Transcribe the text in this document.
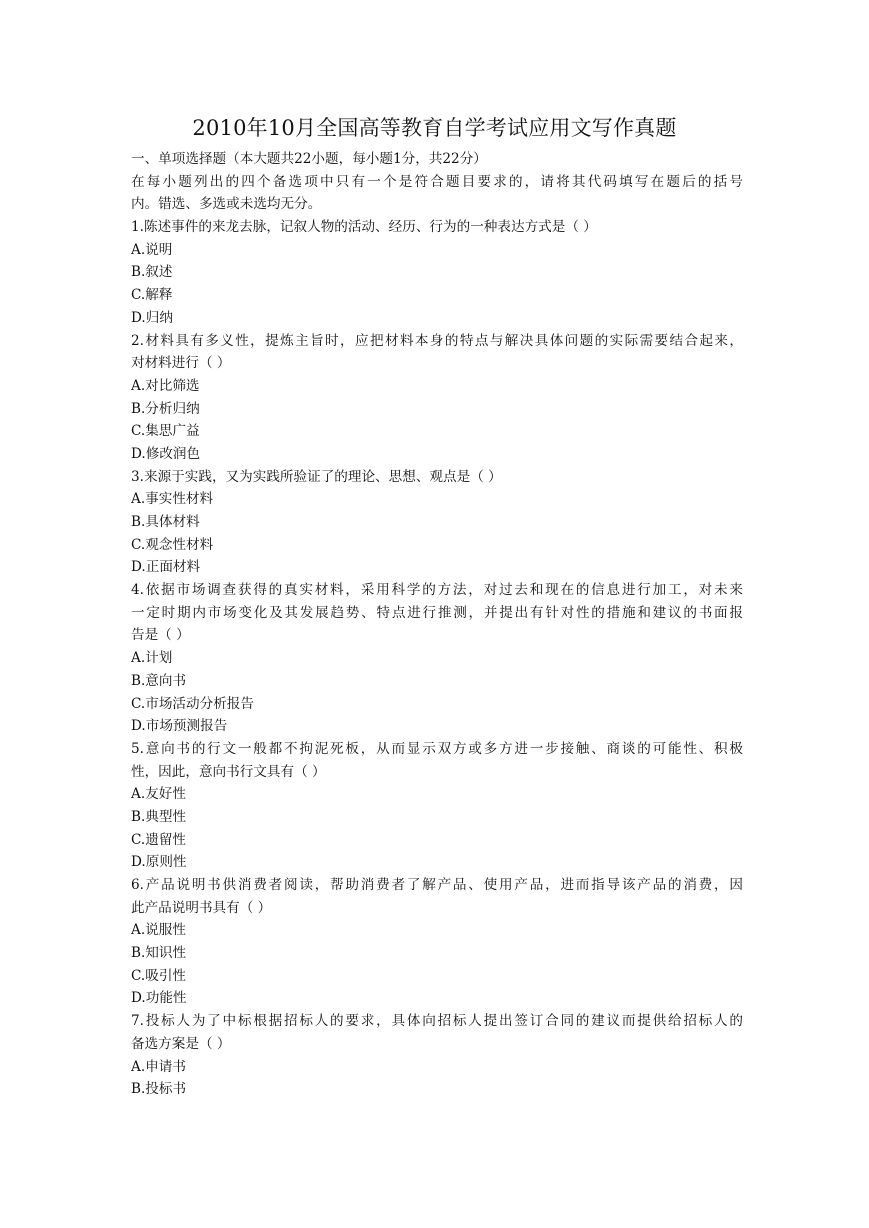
2010年10月全国高等教育自学考试应用文写作真题
一、单项选择题（本大题共22小题，每小题1分，共22分）
在每小题列出的四个备选项中只有一个是符合题目要求的，请将其代码填写在题后的括号
内。错选、多选或未选均无分。
1.陈述事件的来龙去脉，记叙人物的活动、经历、行为的一种表达方式是（ ）
A.说明
B.叙述
C.解释
D.归纳
2.材料具有多义性，提炼主旨时，应把材料本身的特点与解决具体问题的实际需要结合起来，
对材料进行（ ）
A.对比筛选
B.分析归纳
C.集思广益
D.修改润色
3.来源于实践，又为实践所验证了的理论、思想、观点是（ ）
A.事实性材料
B.具体材料
C.观念性材料
D.正面材料
4.依据市场调查获得的真实材料，采用科学的方法，对过去和现在的信息进行加工，对未来
一定时期内市场变化及其发展趋势、特点进行推测，并提出有针对性的措施和建议的书面报
告是（ ）
A.计划
B.意向书
C.市场活动分析报告
D.市场预测报告
5.意向书的行文一般都不拘泥死板，从而显示双方或多方进一步接触、商谈的可能性、积极
性，因此，意向书行文具有（ ）
A.友好性
B.典型性
C.遗留性
D.原则性
6.产品说明书供消费者阅读，帮助消费者了解产品、使用产品，进而指导该产品的消费，因
此产品说明书具有（ ）
A.说服性
B.知识性
C.吸引性
D.功能性
7.投标人为了中标根据招标人的要求，具体向招标人提出签订合同的建议而提供给招标人的
备选方案是（ ）
A.申请书
B.投标书
